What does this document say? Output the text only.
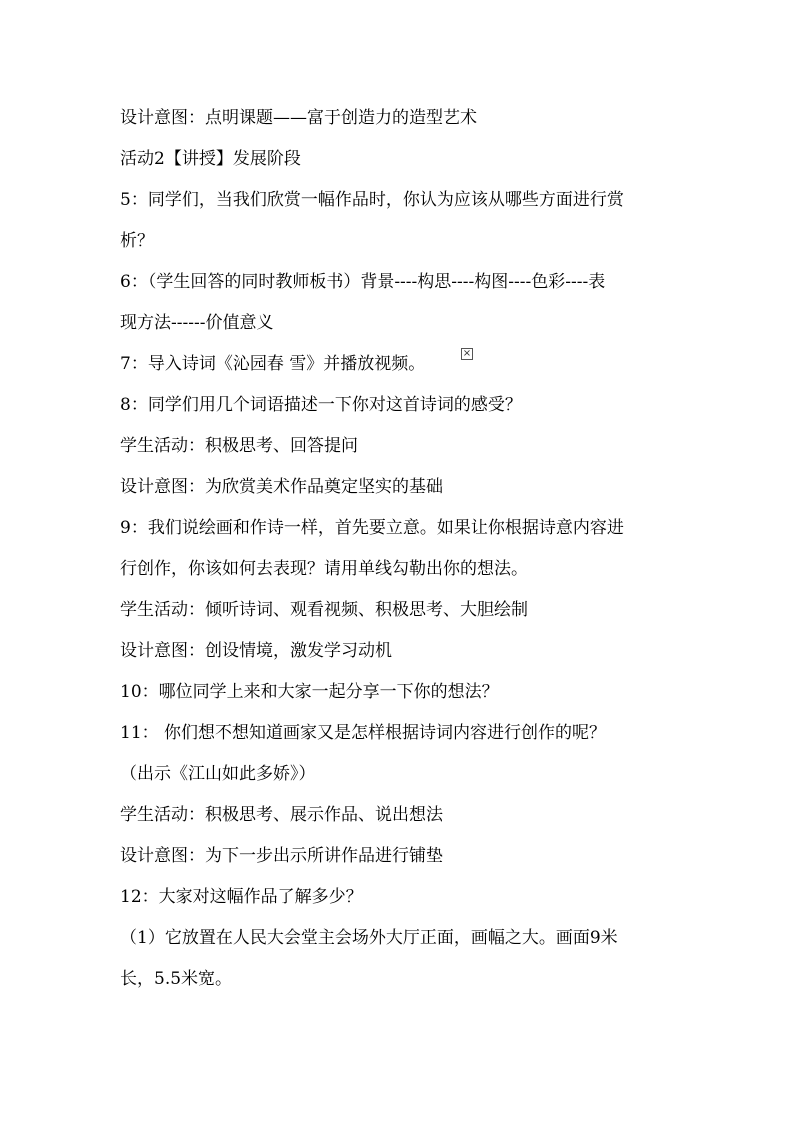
设计意图：点明课题——富于创造力的造型艺术
活动2【讲授】发展阶段
5：同学们，当我们欣赏一幅作品时，你认为应该从哪些方面进行赏
析？
6：（学生回答的同时教师板书）背景----构思----构图----色彩----表
现方法------价值意义
7：导入诗词《沁园春 雪》并播放视频。
×
8：同学们用几个词语描述一下你对这首诗词的感受？
学生活动：积极思考、回答提问
设计意图：为欣赏美术作品奠定坚实的基础
9：我们说绘画和作诗一样，首先要立意。如果让你根据诗意内容进
行创作，你该如何去表现？请用单线勾勒出你的想法。
学生活动：倾听诗词、观看视频、积极思考、大胆绘制
设计意图：创设情境，激发学习动机
10：哪位同学上来和大家一起分享一下你的想法？
11： 你们想不想知道画家又是怎样根据诗词内容进行创作的呢？
（出示《江山如此多娇》）
学生活动：积极思考、展示作品、说出想法
设计意图：为下一步出示所讲作品进行铺垫
12：大家对这幅作品了解多少？
（1）它放置在人民大会堂主会场外大厅正面，画幅之大。画面9米
长，5.5米宽。
